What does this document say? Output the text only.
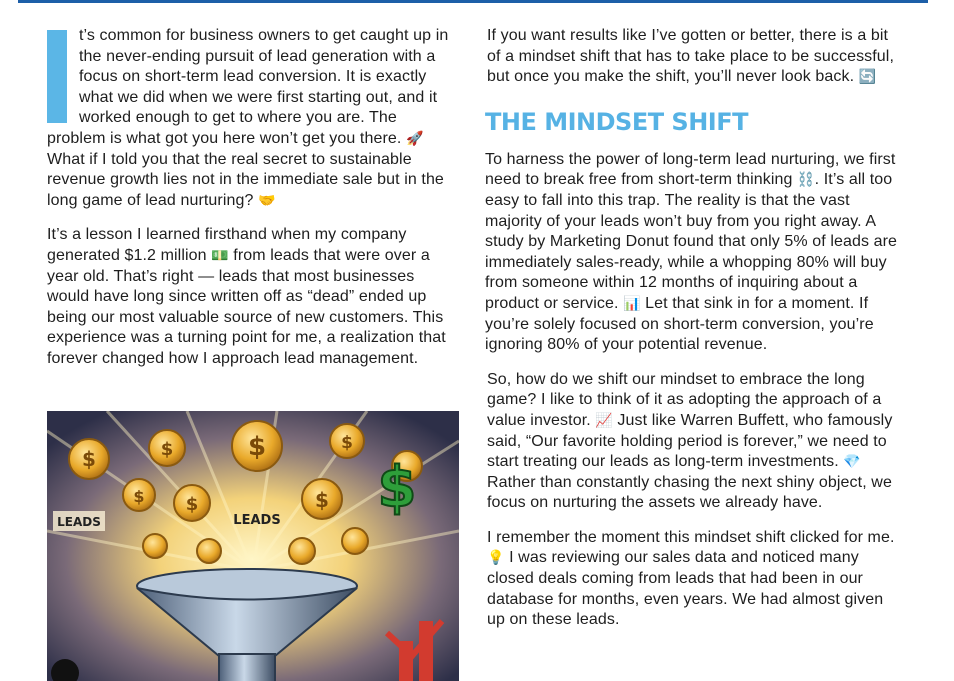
t’s common for business owners to get caught up in the never-ending pursuit of lead generation with a focus on short-term lead conversion. It is exactly what we did when we were first starting out, and it worked enough to get to where you are. The problem is what got you here won’t get you there. 🚀 What if I told you that the real secret to sustainable revenue growth lies not in the immediate sale but in the long game of lead nurturing? 🤝

It’s a lesson I learned firsthand when my company generated $1.2 million 💵 from leads that were over a year old. That’s right — leads that most businesses would have long since written off as “dead” ended up being our most valuable source of new customers. This experience was a turning point for me, a realization that forever changed how I approach lead management.

$	$	$	$
$ $	$ $
LEADS	LEADS

If you want results like I’ve gotten or better, there is a bit of a mindset shift that has to take place to be successful, but once you make the shift, you’ll never look back. 🔄

THE MINDSET SHIFT

To harness the power of long-term lead nurturing, we first need to break free from short-term thinking ⛓️. It’s all too easy to fall into this trap. The reality is that the vast majority of your leads won’t buy from you right away. A study by Marketing Donut found that only 5% of leads are immediately sales-ready, while a whopping 80% will buy from someone within 12 months of inquiring about a product or service. 📊 Let that sink in for a moment. If you’re solely focused on short-term conversion, you’re ignoring 80% of your potential revenue.

So, how do we shift our mindset to embrace the long game? I like to think of it as adopting the approach of a value investor. 📈 Just like Warren Buffett, who famously said, “Our favorite holding period is forever,” we need to start treating our leads as long-term investments. 💎 Rather than constantly chasing the next shiny object, we focus on nurturing the assets we already have.

I remember the moment this mindset shift clicked for me. 💡 I was reviewing our sales data and noticed many closed deals coming from leads that had been in our database for months, even years. We had almost given up on these leads.
